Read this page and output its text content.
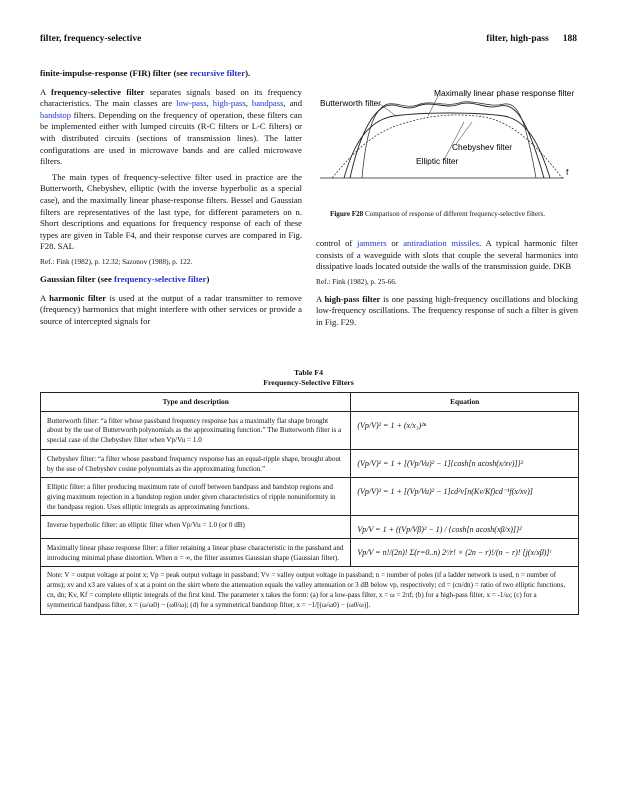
filter, frequency-selective	filter, high-pass 188
finite-impulse-response (FIR) filter (see recursive filter).

A frequency-selective filter separates signals based on its frequency characteristics. The main classes are low-pass, high-pass, bandpass, and bandstop filters. Depending on the frequency of operation, these filters can be implemented either with lumped circuits (R-C filters or L-C filters) or with distributed circuits (sections of transmission lines). The latter configurations are used in microwave bands and are called microwave filters.

The main types of frequency-selective filter used in practice are the Butterworth, Chebyshev, elliptic (with the inverse hyperbolic as a special case), and the maximally linear phase-response filters. Bessel and Gaussian filters are representatives of the last type, for different parameters on n. Short descriptions and equations for frequency response of each of these types are given in Table F4, and their response curves are compared in Fig. F28. SAL

Ref.: Fink (1982), p. 12.32; Sazonov (1988), p. 122.
Gaussian filter (see frequency-selective filter)

A harmonic filter is used at the output of a radar transmitter to remove (frequency) harmonics that might interfere with other services or provide a source of intercepted signals for

Butterworth filter
Maximally linear phase response filter
Chebyshev filter
Elliptic filter
f
Figure F28 Comparison of response of different frequency-selective filters.

control of jammers or antiradiation missiles. A typical harmonic filter consists of a waveguide with slots that couple the several harmonics into dissipative loads located outside the walls of the transmission guide. DKB

Ref.: Fink (1982), p. 25-66.

A high-pass filter is one passing high-frequency oscillations and blocking low-frequency oscillations. The frequency response of such a filter is given in Fig. F29.

Table F4
Frequency-Selective Filters
Type and description	Equation
Butterworth filter: “a filter whose passband frequency response has a maximally flat shape brought about by the use of Butterworth polynomials as the approximating function.” The Butterworth filter is a special case of the Chebyshev filter when Vp/Vu = 1.0	(Vp/V)² = 1 + (x/x₃)²ⁿ

Chebyshev filter: “a filter whose passband frequency response has an equal-ripple shape, brought about by the use of Chebyshev cosine polynomials as the approximating function.”	(Vp/V)² = 1 + [(Vp/Vu)² − 1]{cosh[n acosh(x/xv)]}²

Elliptic filter: a filter producing maximum rate of cutoff between bandpass and bandstop regions and giving maximum rejection in a bandstop region under given characteristics of ripple nonuniformity in the bandpass region. Uses elliptic integrals as approximating functions.	(Vp/V)² = 1 + [(Vp/Vu)² − 1]cd²v[n(Kv/Kf)cd⁻¹f(x/xv)]

Inverse hyperbolic filter: an elliptic filter when Vp/Vu = 1.0 (or 0 dB)	Vp/V = 1 + ((Vp/Vβ)² − 1) / {cosh[n acosh(xβ/x)]}²

Maximally linear phase response filter: a filter retaining a linear phase characteristic in the passband and introducing minimal phase distortion. When n = ∞, the filter assumes Gaussian shape (Gaussian filter).	Vp/V = n!/(2n)! Σ(r=0..n) 2ʳ/r! × (2n − r)!/(n − r)! [j(x/xβ)]ʳ

Note: V = output voltage at point x; Vp = peak output voltage in passband; Vv = valley output voltage in passband; n = number of poles (if a ladder network is used, n = number of arms); xv and x3 are values of x at a point on the skirt where the attenuation equals the valley attenuation or 3 dB below vp, respectively; cd = (cn/dn) = ratio of two elliptic functions, cn, dn; Kv, Kf = complete elliptic integrals of the first kind. The parameter x takes the form: (a) for a low-pass filter, x = ω = 2πf; (b) for a high-pass filter, x = -1/ω; (c) for a symmetrical bandpass filter, x = (ω/ω0) − (ω0/ω); (d) for a symmetrical bandstop filter, x = −1/[(ω/ω0) − (ω0/ω)].	
